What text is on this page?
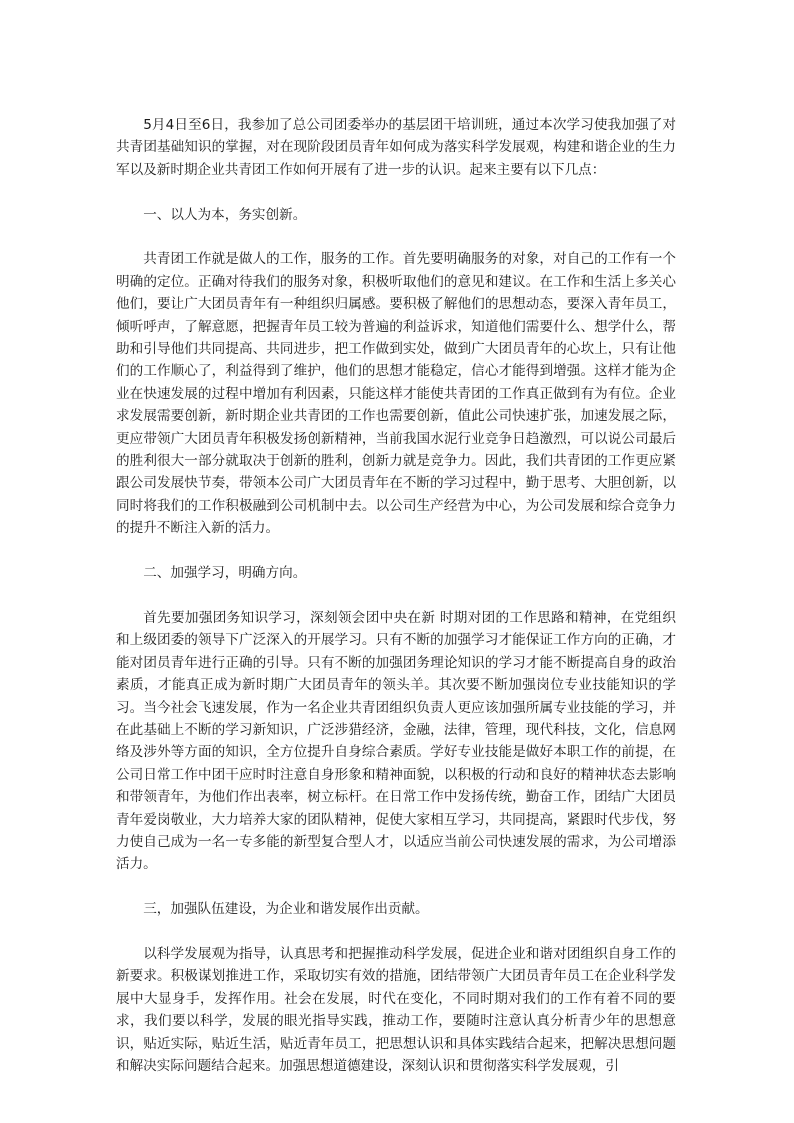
5月4日至6日，我参加了总公司团委举办的基层团干培训班，通过本次学习使我加强了对共青团基础知识的掌握，对在现阶段团员青年如何成为落实科学发展观，构建和谐企业的生力军以及新时期企业共青团工作如何开展有了进一步的认识。起来主要有以下几点：

一、以人为本，务实创新。

共青团工作就是做人的工作，服务的工作。首先要明确服务的对象，对自己的工作有一个明确的定位。正确对待我们的服务对象，积极听取他们的意见和建议。在工作和生活上多关心他们，要让广大团员青年有一种组织归属感。要积极了解他们的思想动态，要深入青年员工，倾听呼声，了解意愿，把握青年员工较为普遍的利益诉求，知道他们需要什么、想学什么，帮助和引导他们共同提高、共同进步，把工作做到实处，做到广大团员青年的心坎上，只有让他们的工作顺心了，利益得到了维护，他们的思想才能稳定，信心才能得到增强。这样才能为企业在快速发展的过程中增加有利因素，只能这样才能使共青团的工作真正做到有为有位。企业求发展需要创新，新时期企业共青团的工作也需要创新，值此公司快速扩张，加速发展之际，更应带领广大团员青年积极发扬创新精神，当前我国水泥行业竞争日趋激烈，可以说公司最后的胜利很大一部分就取决于创新的胜利，创新力就是竞争力。因此，我们共青团的工作更应紧跟公司发展快节奏，带领本公司广大团员青年在不断的学习过程中，勤于思考、大胆创新，以同时将我们的工作积极融到公司机制中去。以公司生产经营为中心，为公司发展和综合竞争力的提升不断注入新的活力。

二、加强学习，明确方向。

首先要加强团务知识学习，深刻领会团中央在新 时期对团的工作思路和精神，在党组织和上级团委的领导下广泛深入的开展学习。只有不断的加强学习才能保证工作方向的正确，才能对团员青年进行正确的引导。只有不断的加强团务理论知识的学习才能不断提高自身的政治素质，才能真正成为新时期广大团员青年的领头羊。其次要不断加强岗位专业技能知识的学习。当今社会飞速发展，作为一名企业共青团组织负责人更应该加强所属专业技能的学习，并在此基础上不断的学习新知识，广泛涉猎经济，金融，法律，管理，现代科技，文化，信息网络及涉外等方面的知识，全方位提升自身综合素质。学好专业技能是做好本职工作的前提，在公司日常工作中团干应时时注意自身形象和精神面貌，以积极的行动和良好的精神状态去影响和带领青年，为他们作出表率，树立标杆。在日常工作中发扬传统，勤奋工作，团结广大团员青年爱岗敬业，大力培养大家的团队精神，促使大家相互学习，共同提高，紧跟时代步伐，努力使自己成为一名一专多能的新型复合型人才，以适应当前公司快速发展的需求，为公司增添活力。

三，加强队伍建设，为企业和谐发展作出贡献。

以科学发展观为指导，认真思考和把握推动科学发展，促进企业和谐对团组织自身工作的新要求。积极谋划推进工作，采取切实有效的措施，团结带领广大团员青年员工在企业科学发展中大显身手，发挥作用。社会在发展，时代在变化，不同时期对我们的工作有着不同的要求，我们要以科学，发展的眼光指导实践，推动工作，要随时注意认真分析青少年的思想意识，贴近实际，贴近生活，贴近青年员工，把思想认识和具体实践结合起来，把解决思想问题和解决实际问题结合起来。加强思想道德建设，深刻认识和贯彻落实科学发展观，引
